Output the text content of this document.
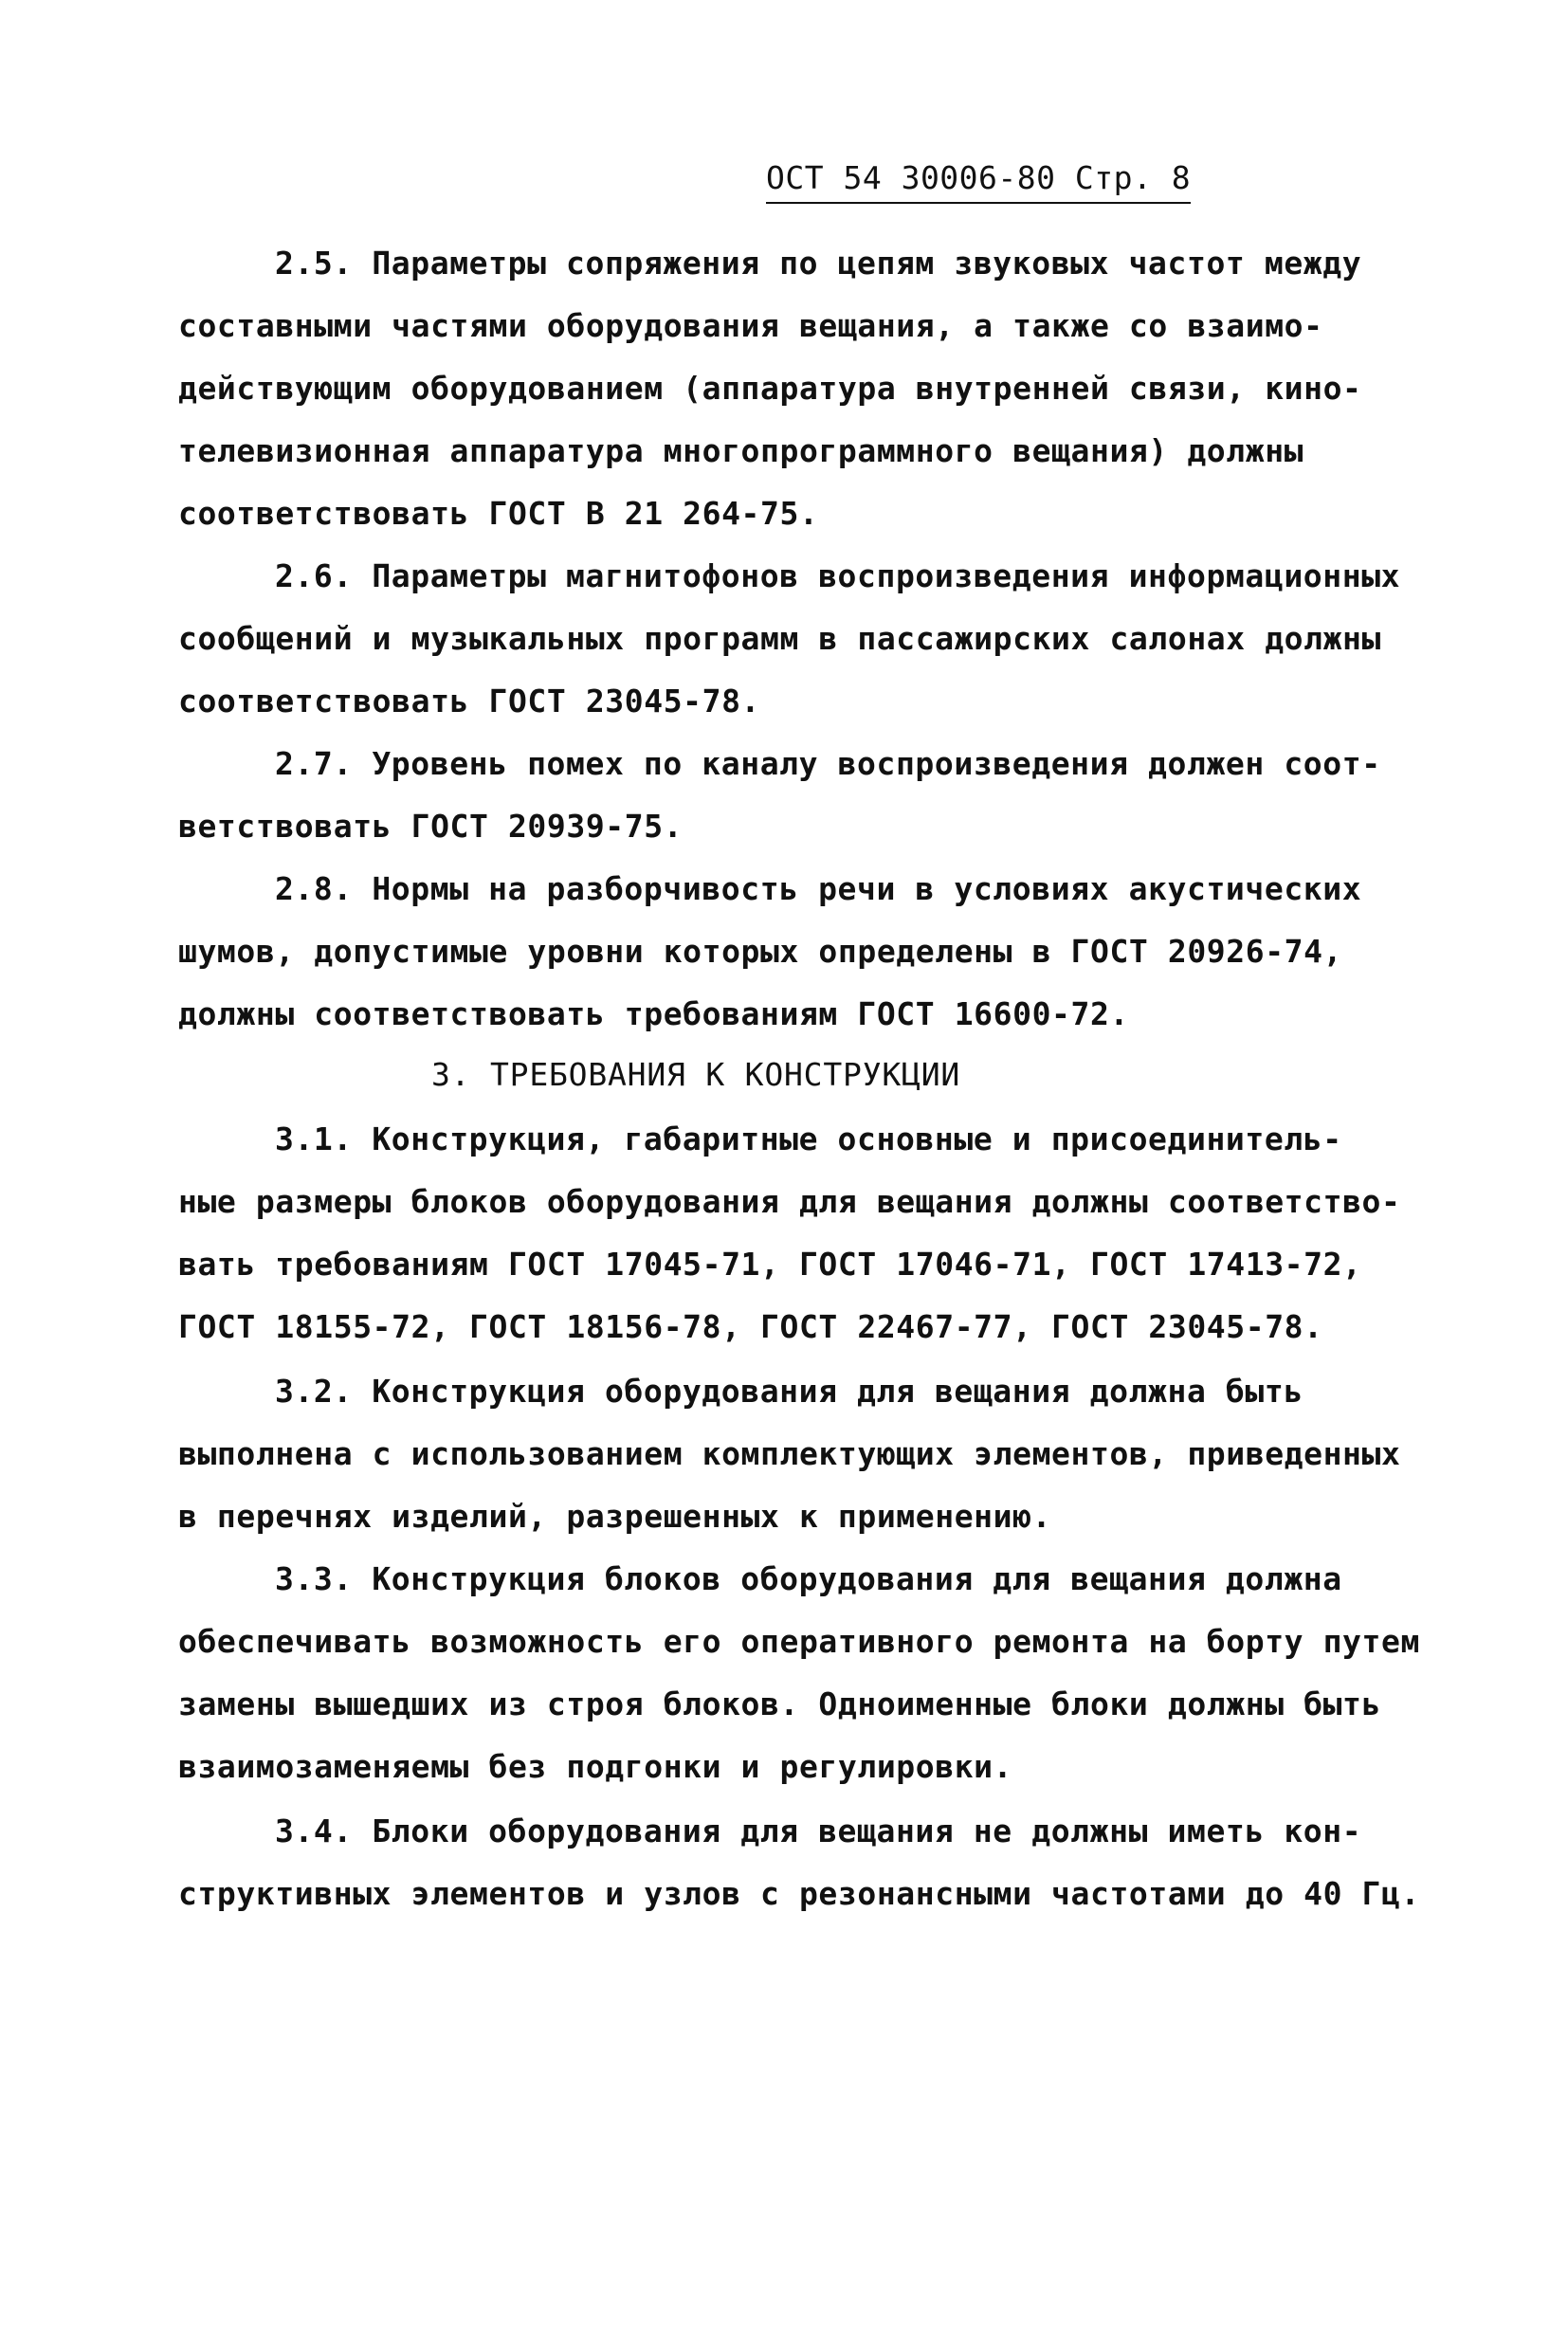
ОСТ 54 30006-80 Стр. 8
2.5. Параметры сопряжения по цепям звуковых частот между
составными частями оборудования вещания, а также со взаимо-
действующим оборудованием (аппаратура внутренней связи, кино-
телевизионная аппаратура многопрограммного вещания) должны
соответствовать ГОСТ В 21 264-75.
2.6. Параметры магнитофонов воспроизведения информационных
сообщений и музыкальных программ в пассажирских салонах должны
соответствовать ГОСТ 23045-78.
2.7. Уровень помех по каналу воспроизведения должен соот-
ветствовать ГОСТ 20939-75.
2.8. Нормы на разборчивость речи в условиях акустических
шумов, допустимые уровни которых определены в ГОСТ 20926-74,
должны соответствовать требованиям ГОСТ 16600-72.
3. ТРЕБОВАНИЯ К КОНСТРУКЦИИ
3.1. Конструкция, габаритные основные и присоединитель-
ные размеры блоков оборудования для вещания должны соответство-
вать требованиям ГОСТ 17045-71, ГОСТ 17046-71, ГОСТ 17413-72,
ГОСТ 18155-72, ГОСТ 18156-78, ГОСТ 22467-77, ГОСТ 23045-78.
3.2. Конструкция оборудования для вещания должна быть
выполнена с использованием комплектующих элементов, приведенных
в перечнях изделий, разрешенных к применению.
3.3. Конструкция блоков оборудования для вещания должна
обеспечивать возможность его оперативного ремонта на борту путем
замены вышедших из строя блоков. Одноименные блоки должны быть
взаимозаменяемы без подгонки и регулировки.
3.4. Блоки оборудования для вещания не должны иметь кон-
структивных элементов и узлов с резонансными частотами до 40 Гц.
